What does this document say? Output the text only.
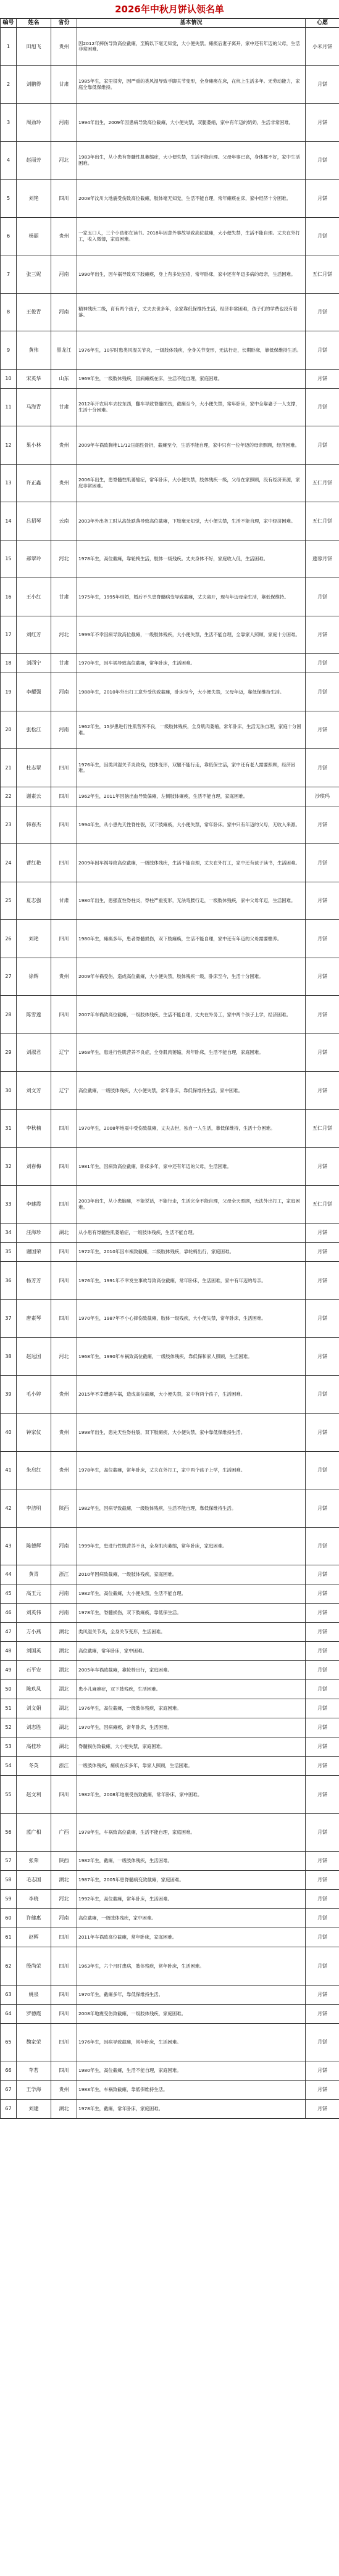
2026年中秋月饼认领名单
编号	姓名	省份	基本情况	心愿
1	田旭飞	贵州	因2012年摔伤导致高位截瘫，至胸以下毫无知觉，大小便失禁。瘫痪后妻子离开，家中还有年迈的父母，生活非常困难。	小米月饼
2	刘鹏得	甘肃	1985年生，家里很穷，因严重的类风湿导致手脚关节变形，全身瘫痪在床，在炕上生活多年。无劳动能力，家庭全靠低保维持。	月饼
3	周劲玲	河南	1994年出生，2009年因患病导致高位截瘫，大小便失禁，双腿萎缩，家中有年迈的奶奶，生活非常困难。	月饼
4	赵丽芳	河北	1983年出生，从小患有脊髓性肌萎缩症，大小便失禁，生活不能自理。父母年事已高，身体都不好，家中生活困难。	月饼
5	刘艳	四川	2008年汶川大地震受伤致高位截瘫，肢体毫无知觉，生活不能自理，常年瘫痪在床，家中经济十分困难。	月饼
6	杨丽	贵州	一家五口人，三个小孩都在读书。2018年因意外事故导致高位截瘫，大小便失禁，生活不能自理。丈夫在外打工，收入微薄，家庭困难。	月饼
7	张三妮	河南	1990年出生，因车祸导致双下肢瘫痪，身上有多处压疮，常年卧床，家中还有年迈多病的母亲，生活困难。	五仁月饼
8	王俊青	河南	精神残疾二级，育有两个孩子，丈夫去世多年，全家靠低保维持生活，经济非常困难，孩子们的学费也没有着落。	月饼
9	黄伟	黑龙江	1976年生，10岁时患类风湿关节炎，一级肢体残疾，全身关节变形，无法行走，长期卧床，靠低保维持生活。	月饼
10	宋英华	山东	1969年生，一级肢体残疾，因病瘫痪在床，生活不能自理，家庭困难。	月饼
11	马海青	甘肃	2012年开农用车去拉东西，翻车导致脊髓损伤，截瘫至今，大小便失禁，常年卧床，家中全靠妻子一人支撑，生活十分困难。	月饼
12	果小林	贵州	2009年车祸致胸椎11/12压缩性骨折，截瘫至今，生活不能自理，家中只有一位年迈的母亲照顾，经济困难。	月饼
13	许正鑫	贵州	2006年出生，患脊髓性肌萎缩症，常年卧床，大小便失禁，肢体残疾一级，父母在家照顾，没有经济来源，家庭非常困难。	五仁月饼
14	吕招琴	云南	2003年外出务工时从高处跌落导致高位截瘫，下肢毫无知觉，大小便失禁，生活不能自理，家中经济困难。	五仁月饼
15	郝翠玲	河北	1978年生，高位截瘫，靠轮椅生活，肢体一级残疾。丈夫身体不好，家庭收入低，生活困难。	莲蓉月饼
16	王小红	甘肃	1975年生，1995年结婚，婚后不久患脊髓病变导致截瘫，丈夫离开，现与年迈母亲生活，靠低保维持。	月饼
17	刘红芳	河北	1999年不幸因病导致高位截瘫，一级肢体残疾，大小便失禁，生活不能自理，全靠家人照顾，家庭十分困难。	月饼
18	刘西宁	甘肃	1970年生，因车祸导致高位截瘫，常年卧床，生活困难。	月饼
19	李耀强	河南	1988年生，2010年外出打工意外受伤致截瘫，卧床至今，大小便失禁，父母年迈，靠低保维持生活。	月饼
20	张松江	河南	1962年生，15岁患进行性肌营养不良，一级肢体残疾，全身肌肉萎缩，常年卧床，生活无法自理，家庭十分困难。	月饼
21	杜志翠	四川	1976年生，因类风湿关节炎致残，肢体变形，双腿不能行走，靠低保生活，家中还有老人需要照顾，经济困难。	月饼
22	谢素云	四川	1962年生，2011年因脑出血导致偏瘫，左侧肢体瘫痪，生活不能自理，家庭困难。	沙琪玛
23	韩春杰	四川	1994年生，从小患先天性脊柱裂，双下肢瘫痪，大小便失禁，常年卧床。家中只有年迈的父母，无收入来源。	月饼
24	曹红艳	四川	2009年因车祸导致高位截瘫，一级肢体残疾，生活不能自理，丈夫在外打工，家中还有孩子读书，生活困难。	月饼
25	夏志强	甘肃	1980年出生，患强直性脊柱炎，脊柱严重变形，无法弯腰行走，一级肢体残疾，家中父母年迈，生活困难。	月饼
26	刘艳	四川	1980年生，瘫痪多年，患者脊髓损伤，双下肢瘫痪，生活不能自理，家中还有年迈的父母需要赡养。	月饼
27	徐辉	贵州	2009年车祸受伤，造成高位截瘫，大小便失禁，肢体残疾一级，卧床至今，生活十分困难。	月饼
28	陈雪莲	四川	2007年车祸致高位截瘫，一级肢体残疾，生活不能自理，丈夫在外务工，家中两个孩子上学，经济困难。	月饼
29	刘淑君	辽宁	1968年生，患进行性肌营养不良症，全身肌肉萎缩，常年卧床，生活不能自理，家庭困难。	月饼
30	刘文芳	辽宁	高位截瘫，一级肢体残疾，大小便失禁，常年卧床，靠低保维持生活，家中困难。	月饼
31	李秋楠	四川	1970年生，2008年地震中受伤致截瘫，丈夫去世，独自一人生活，靠低保维持，生活十分困难。	五仁月饼
32	刘春梅	四川	1981年生，因病致高位截瘫，卧床多年，家中还有年迈的父母，生活困难。	月饼
33	李建霞	四川	2003年出生，从小患脑瘫，不能说话，不能行走，生活完全不能自理，父母全天照顾，无法外出打工，家庭困难。	五仁月饼
34	汪海珍	湖北	从小患有脊髓性肌萎缩症，一级肢体残疾，生活不能自理。	月饼
35	谢国荣	四川	1972年生，2010年因车祸致截瘫，二级肢体残疾，靠轮椅出行，家庭困难。	月饼
36	杨芳芳	四川	1976年生，1991年不幸发生事故导致高位截瘫，常年卧床，生活困难，家中有年迈的母亲。	月饼
37	唐素琴	四川	1970年生，1987年不小心摔伤致截瘫，肢体一级残疾，大小便失禁，常年卧床，生活困难。	月饼
38	赵远国	河北	1968年生，1990年车祸致高位截瘫，一级肢体残疾，靠低保和家人照顾，生活困难。	月饼
39	毛小婷	贵州	2015年不幸遭遇车祸，造成高位截瘫，大小便失禁，家中有两个孩子，生活困难。	月饼
40	钟家仪	贵州	1998年出生，患先天性脊柱裂，双下肢瘫痪，大小便失禁，家中靠低保维持生活。	月饼
41	朱启红	贵州	1978年生，高位截瘫，常年卧床，丈夫在外打工，家中两个孩子上学，生活困难。	月饼
42	李洁明	陕西	1982年生，因病导致截瘫，一级肢体残疾，生活不能自理，靠低保维持生活。	月饼
43	陈德辉	河南	1999年生，患进行性肌营养不良，全身肌肉萎缩，常年卧床，家庭困难。	月饼
44	黄青	浙江	2010年因病致截瘫，一级肢体残疾，家庭困难。	月饼
45	高玉元	河南	1982年生，高位截瘫，大小便失禁，生活不能自理。	月饼
46	刘英伟	河南	1978年生，脊髓损伤，双下肢瘫痪，靠低保生活。	月饼
47	方小燕	湖北	类风湿关节炎，全身关节变形，生活困难。	月饼
48	刘国英	湖北	高位截瘫，常年卧床，家中困难。	月饼
49	石平安	湖北	2005年车祸致截瘫，靠轮椅出行，家庭困难。	月饼
50	陈玖凤	湖北	患小儿麻痹症，双下肢残疾，生活困难。	月饼
51	刘文娟	湖北	1976年生，高位截瘫，一级肢体残疾，家庭困难。	月饼
52	刘志胜	湖北	1970年生，因病瘫痪，常年卧床，生活困难。	月饼
53	高桂珍	湖北	脊髓损伤致截瘫，大小便失禁，家庭困难。	月饼
54	冬英	浙江	一级肢体残疾，瘫痪在床多年，靠家人照顾，生活困难。	月饼
55	赵文利	四川	1982年生，2008年地震受伤致截瘫，常年卧床，家中困难。	月饼
56	蓝广相	广西	1978年生，车祸致高位截瘫，生活不能自理，家庭困难。	月饼
57	张荣	陕西	1982年生，截瘫，一级肢体残疾，生活困难。	月饼
58	毛志国	湖北	1987年生，2005年患脊髓病变致截瘫，家庭困难。	月饼
59	李晓	河北	1992年生，高位截瘫，常年卧床，生活困难。	月饼
60	许健惠	河南	高位截瘫，一级肢体残疾，家中困难。	月饼
61	赵辉	四川	2011年车祸致高位截瘫，常年卧床，家庭困难。	月饼
62	殷尚荣	四川	1963年生，六个月时患病，肢体残疾，常年卧床，生活困难。	月饼
63	姚泉	四川	1970年生，截瘫多年，靠低保维持生活。	月饼
64	罗德霞	四川	2008年地震受伤致截瘫，一级肢体残疾，家庭困难。	月饼
65	魏家荣	四川	1976年生，因病导致截瘫，常年卧床，生活困难。	月饼
66	苹茗	四川	1980年生，高位截瘫，生活不能自理，家庭困难。	月饼
67	王学海	贵州	1983年生，车祸致截瘫，靠低保维持生活。	月饼
67	刘建	湖北	1978年生，截瘫，常年卧床，家庭困难。	月饼
